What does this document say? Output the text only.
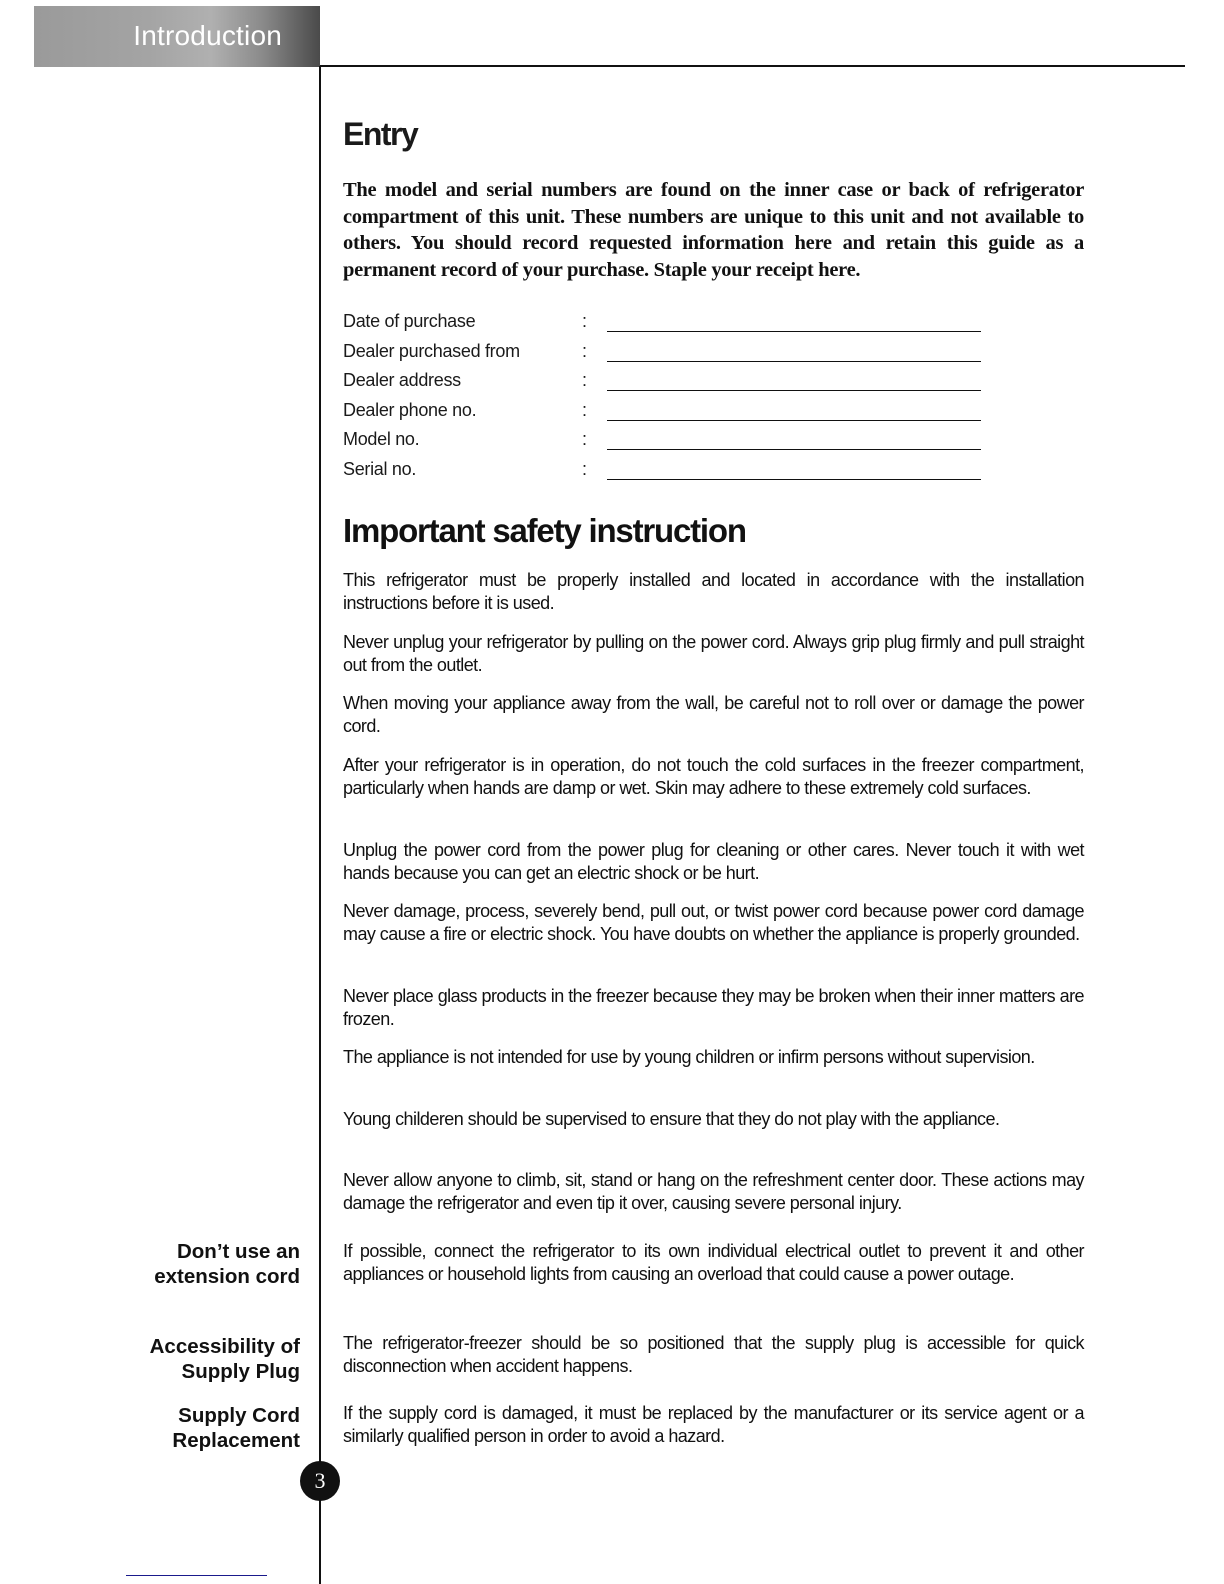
Introduction
Entry

The model and serial numbers are found on the inner case or back of refrigerator compartment of this unit. These numbers are unique to this unit and not available to others. You should record requested information here and retain this guide as a permanent record of your purchase. Staple your receipt here.

Date of purchase	:
Dealer purchased from	:
Dealer address	:
Dealer phone no.	:
Model no.	:
Serial no.	:
Important safety instruction

This refrigerator must be properly installed and located in accordance with the installation instructions before it is used.

Never unplug your refrigerator by pulling on the power cord. Always grip plug firmly and pull straight out from the outlet.

When moving your appliance away from the wall, be careful not to roll over or damage the power cord.

After your refrigerator is in operation, do not touch the cold surfaces in the freezer compartment, particularly when hands are damp or wet. Skin may adhere to these extremely cold surfaces.

Unplug the power cord from the power plug for cleaning or other cares. Never touch it with wet hands because you can get an electric shock or be hurt.

Never damage, process, severely bend, pull out, or twist power cord because power cord damage may cause a fire or electric shock. You have doubts on whether the appliance is properly grounded.

Never place glass products in the freezer because they may be broken when their inner matters are frozen.

The appliance is not intended for use by young children or infirm persons without supervision.

Young childeren should be supervised to ensure that they do not play with the appliance.

Never allow anyone to climb, sit, stand or hang on the refreshment center door. These actions may damage the refrigerator and even tip it over, causing severe personal injury.

Don’t use an
extension cord

If possible, connect the refrigerator to its own individual electrical outlet to prevent it and other appliances or household lights from causing an overload that could cause a power outage.

Accessibility of
Supply Plug

The refrigerator-freezer should be so positioned that the supply plug is accessible for quick disconnection when accident happens.

Supply Cord
Replacement

If the supply cord is damaged, it must be replaced by the manufacturer or its service agent or a similarly qualified person in order to avoid a hazard.

3
